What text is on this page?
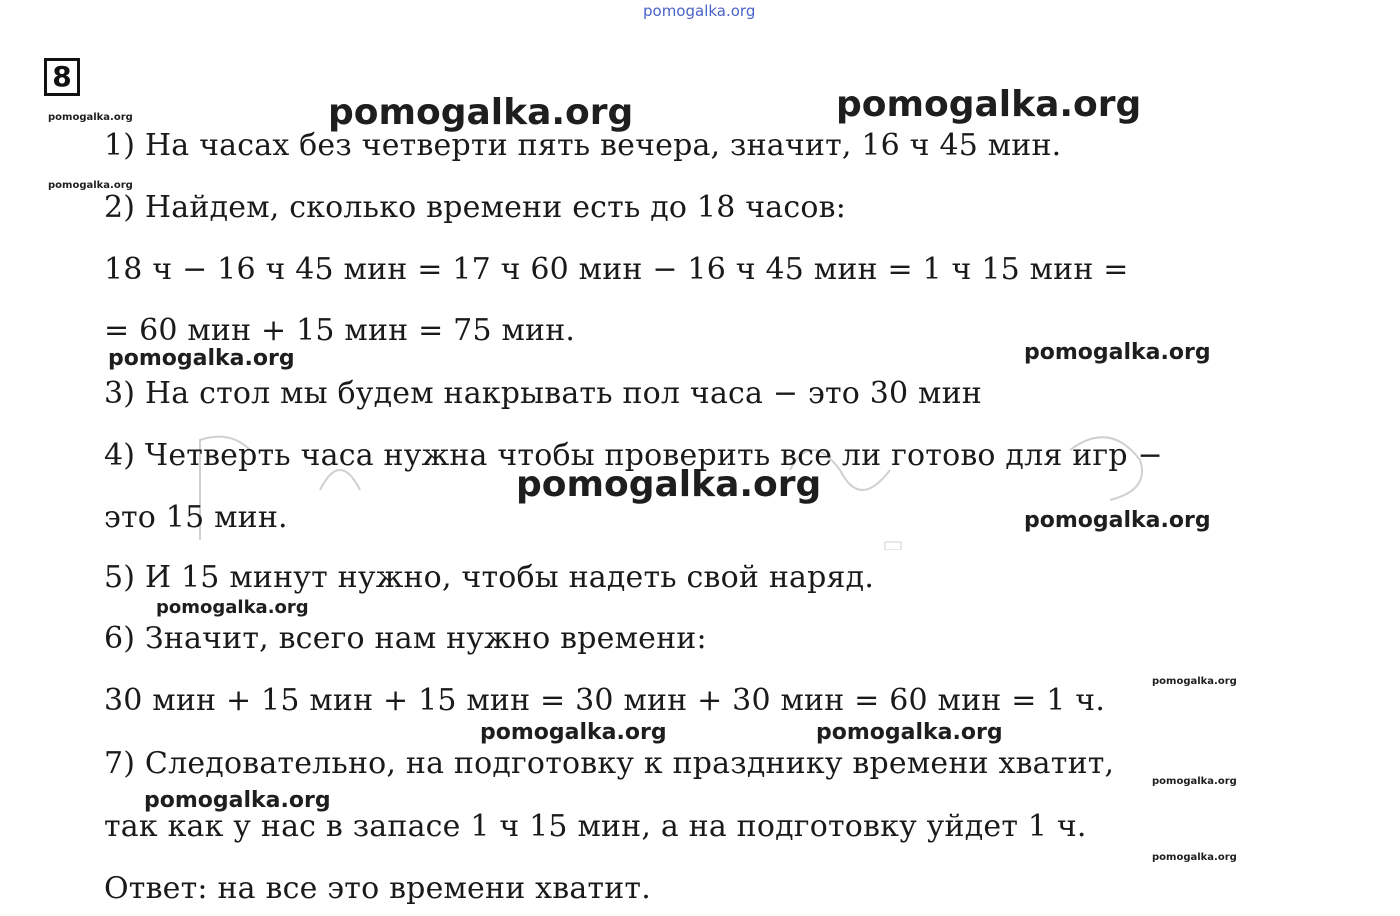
pomogalka.org
8
1) На часах без четверти пять вечера, значит, 16 ч 45 мин.
2) Найдем, сколько времени есть до 18 часов:
18 ч − 16 ч 45 мин = 17 ч 60 мин − 16 ч 45 мин = 1 ч 15 мин =
= 60 мин + 15 мин = 75 мин.
3) На стол мы будем накрывать пол часа − это 30 мин
4) Четверть часа нужна чтобы проверить все ли готово для игр −
это 15 мин.
5) И 15 минут нужно, чтобы надеть свой наряд.
6) Значит, всего нам нужно времени:
30 мин + 15 мин + 15 мин = 30 мин + 30 мин = 60 мин = 1 ч.
7) Следовательно, на подготовку к празднику времени хватит,
так как у нас в запасе 1 ч 15 мин, а на подготовку уйдет 1 ч.
Ответ: на все это времени хватит.
pomogalka.org
pomogalka.org
pomogalka.org	pomogalka.org
pomogalka.org	pomogalka.org
pomogalka.org
pomogalka.org
pomogalka.org
pomogalka.org
pomogalka.org	pomogalka.org
pomogalka.org
pomogalka.org
pomogalka.org
